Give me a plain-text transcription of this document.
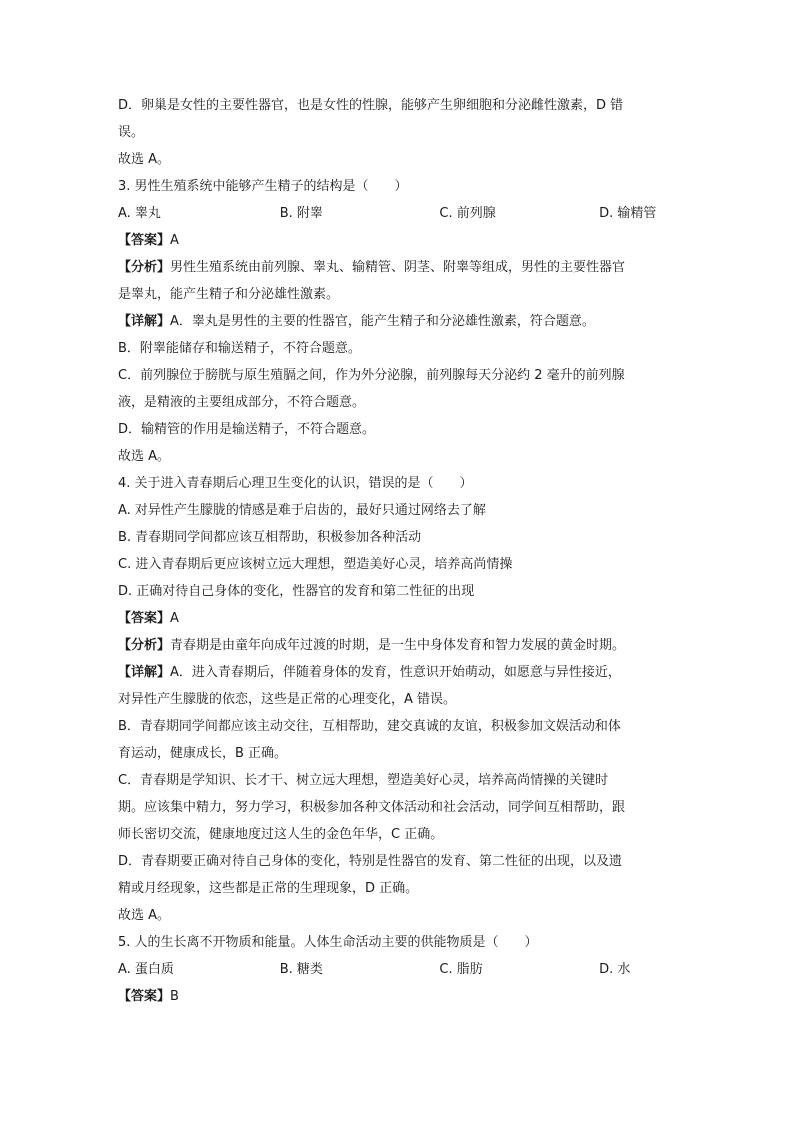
D．卵巢是女性的主要性器官，也是女性的性腺，能够产生卵细胞和分泌雌性激素，D 错
误。
故选 A。
3. 男性生殖系统中能够产生精子的结构是（　　）
A. 睾丸	B. 附睾	C. 前列腺	D. 输精管
【答案】A
【分析】男性生殖系统由前列腺、睾丸、输精管、阴茎、附睾等组成，男性的主要性器官
是睾丸，能产生精子和分泌雄性激素。
【详解】A．睾丸是男性的主要的性器官，能产生精子和分泌雄性激素，符合题意。
B．附睾能储存和输送精子，不符合题意。
C．前列腺位于膀胱与原生殖膈之间，作为外分泌腺，前列腺每天分泌约 2 毫升的前列腺
液，是精液的主要组成部分，不符合题意。
D．输精管的作用是输送精子，不符合题意。
故选 A。
4. 关于进入青春期后心理卫生变化的认识，错误的是（　　）
A. 对异性产生朦胧的情感是难于启齿的，最好只通过网络去了解
B. 青春期同学间都应该互相帮助，积极参加各种活动
C. 进入青春期后更应该树立远大理想，塑造美好心灵，培养高尚情操
D. 正确对待自己身体的变化，性器官的发育和第二性征的出现
【答案】A
【分析】青春期是由童年向成年过渡的时期，是一生中身体发育和智力发展的黄金时期。
【详解】A．进入青春期后，伴随着身体的发育，性意识开始萌动，如愿意与异性接近，
对异性产生朦胧的依恋，这些是正常的心理变化，A 错误。
B．青春期同学间都应该主动交往，互相帮助，建交真诚的友谊，积极参加文娱活动和体
育运动，健康成长，B 正确。
C．青春期是学知识、长才干、树立远大理想，塑造美好心灵，培养高尚情操的关键时
期。应该集中精力，努力学习，积极参加各种文体活动和社会活动，同学间互相帮助，跟
师长密切交流，健康地度过这人生的金色年华，C 正确。
D．青春期要正确对待自己身体的变化，特别是性器官的发育、第二性征的出现，以及遗
精或月经现象，这些都是正常的生理现象，D 正确。
故选 A。
5. 人的生长离不开物质和能量。人体生命活动主要的供能物质是（　　）
A. 蛋白质	B. 糖类	C. 脂肪	D. 水
【答案】B
